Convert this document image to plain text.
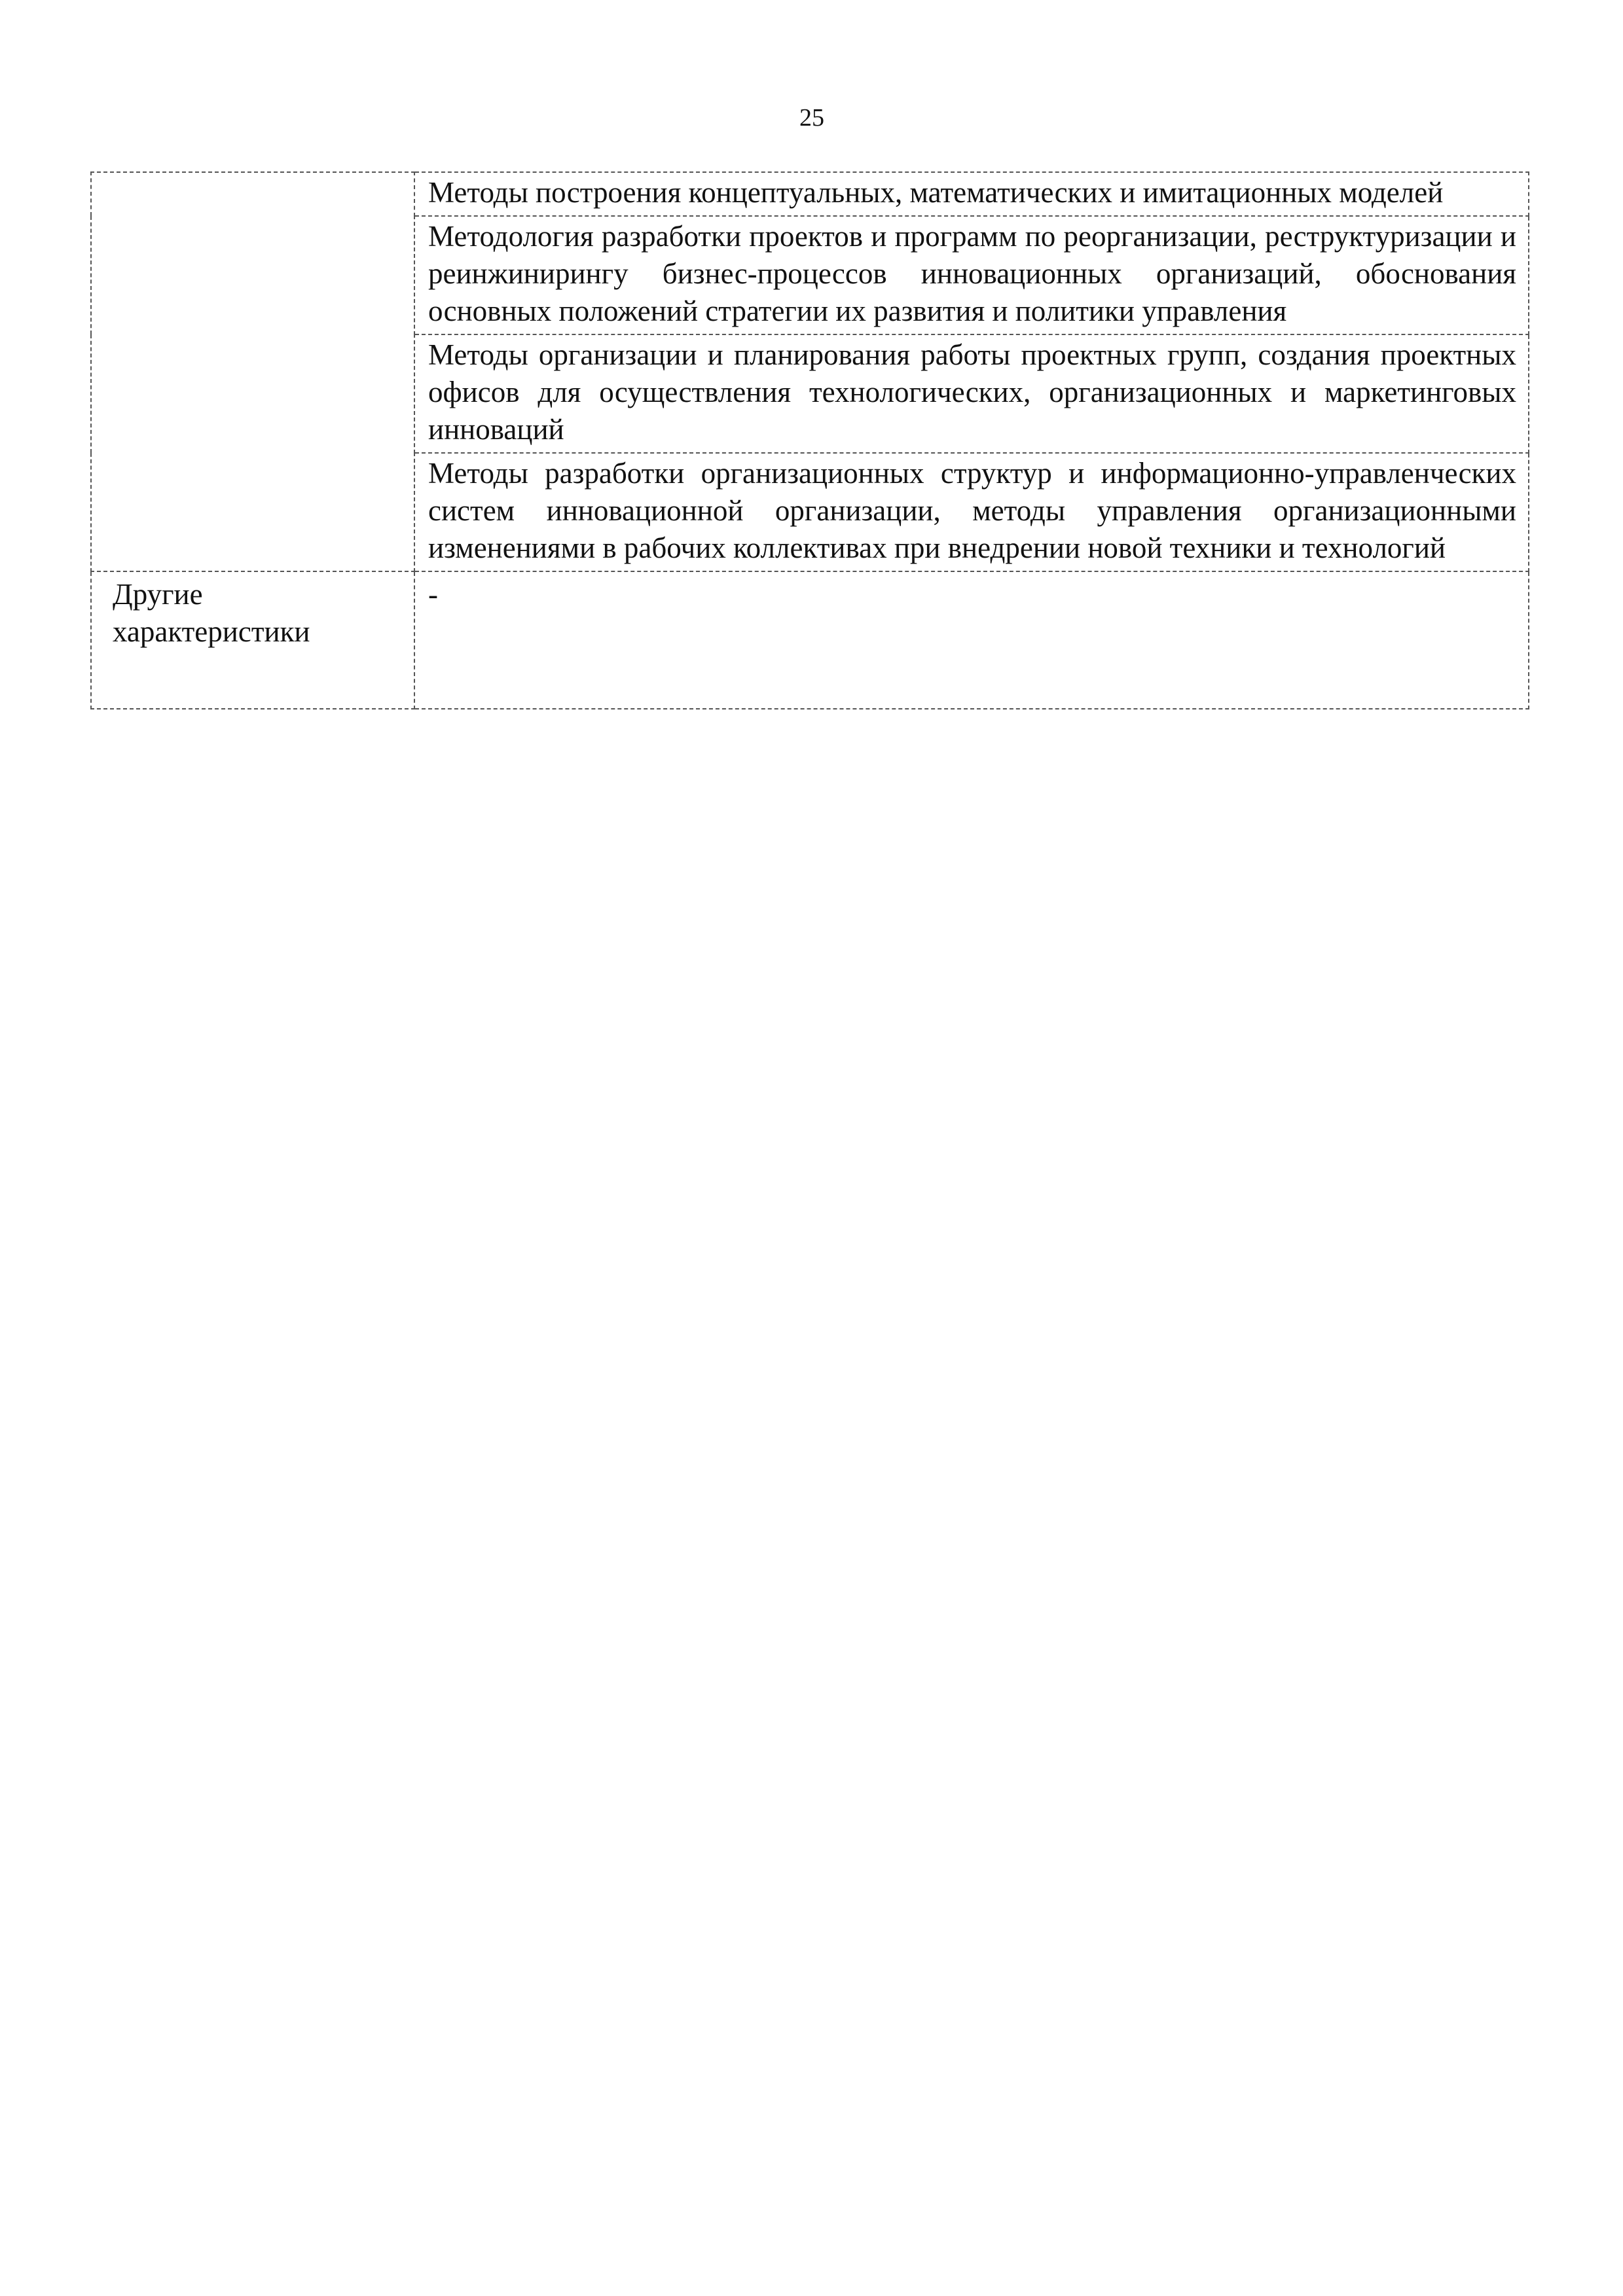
25
	Методы построения концептуальных, математических и имитационных моделей
	Методология разработки проектов и программ по реорганизации, реструктуризации и реинжинирингу бизнес-процессов инновационных организаций, обоснования основных положений стратегии их развития и политики управления
	Методы организации и планирования работы проектных групп, создания проектных офисов для осуществления технологических, организационных и маркетинговых инноваций
	Методы разработки организационных структур и информационно-управленческих систем инновационной организации, методы управления организационными изменениями в рабочих коллективах при внедрении новой техники и технологий
Другие характеристики	-
